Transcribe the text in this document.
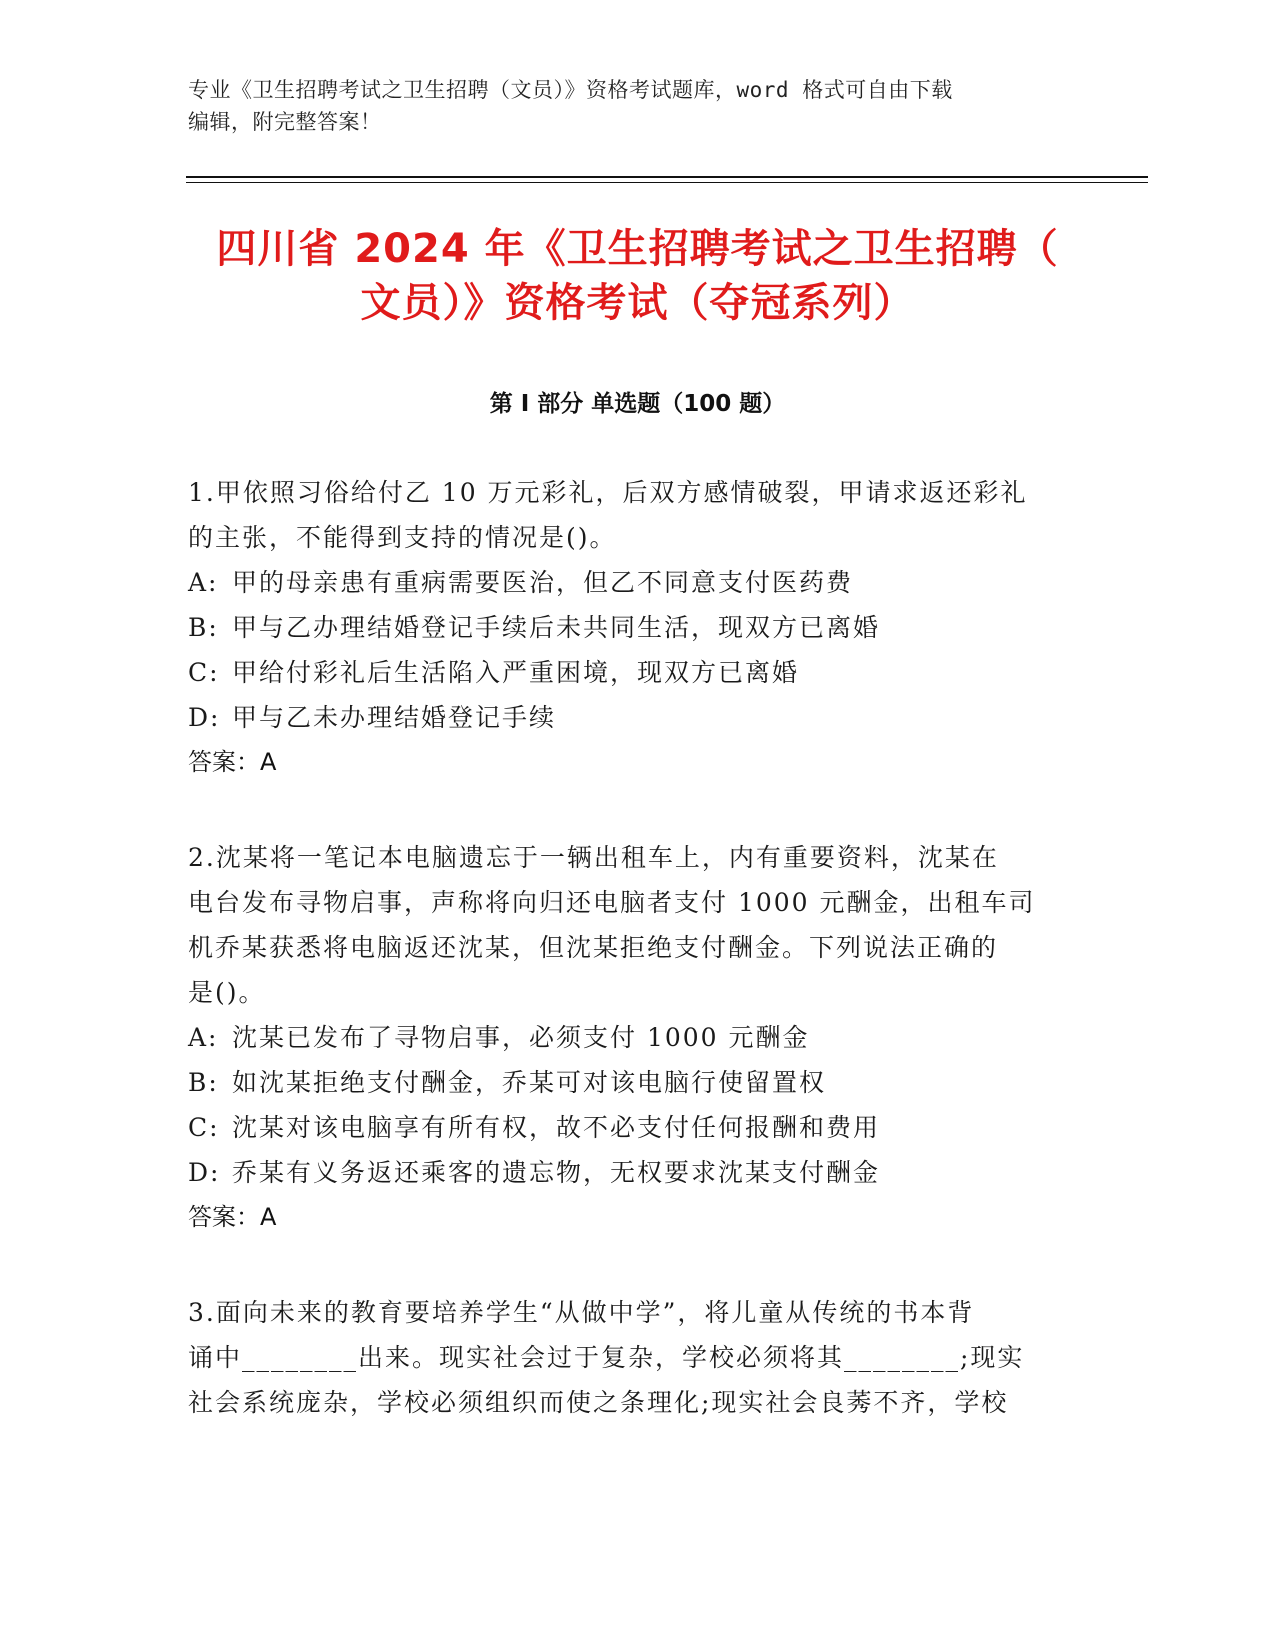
专业《卫生招聘考试之卫生招聘（文员）》资格考试题库，word 格式可自由下载
编辑，附完整答案！
四川省 2024 年《卫生招聘考试之卫生招聘（
文员）》资格考试（夺冠系列）
第 I 部分 单选题（100 题）
1.甲依照习俗给付乙 10 万元彩礼，后双方感情破裂，甲请求返还彩礼
的主张，不能得到支持的情况是()。
A: 甲的母亲患有重病需要医治，但乙不同意支付医药费
B: 甲与乙办理结婚登记手续后未共同生活，现双方已离婚
C: 甲给付彩礼后生活陷入严重困境，现双方已离婚
D: 甲与乙未办理结婚登记手续
答案：A
2.沈某将一笔记本电脑遗忘于一辆出租车上，内有重要资料，沈某在
电台发布寻物启事，声称将向归还电脑者支付 1000 元酬金，出租车司
机乔某获悉将电脑返还沈某，但沈某拒绝支付酬金。下列说法正确的
是()。
A: 沈某已发布了寻物启事，必须支付 1000 元酬金
B: 如沈某拒绝支付酬金，乔某可对该电脑行使留置权
C: 沈某对该电脑享有所有权，故不必支付任何报酬和费用
D: 乔某有义务返还乘客的遗忘物，无权要求沈某支付酬金
答案：A
3.面向未来的教育要培养学生“从做中学”，将儿童从传统的书本背
诵中________出来。现实社会过于复杂，学校必须将其________;现实
社会系统庞杂，学校必须组织而使之条理化;现实社会良莠不齐，学校
